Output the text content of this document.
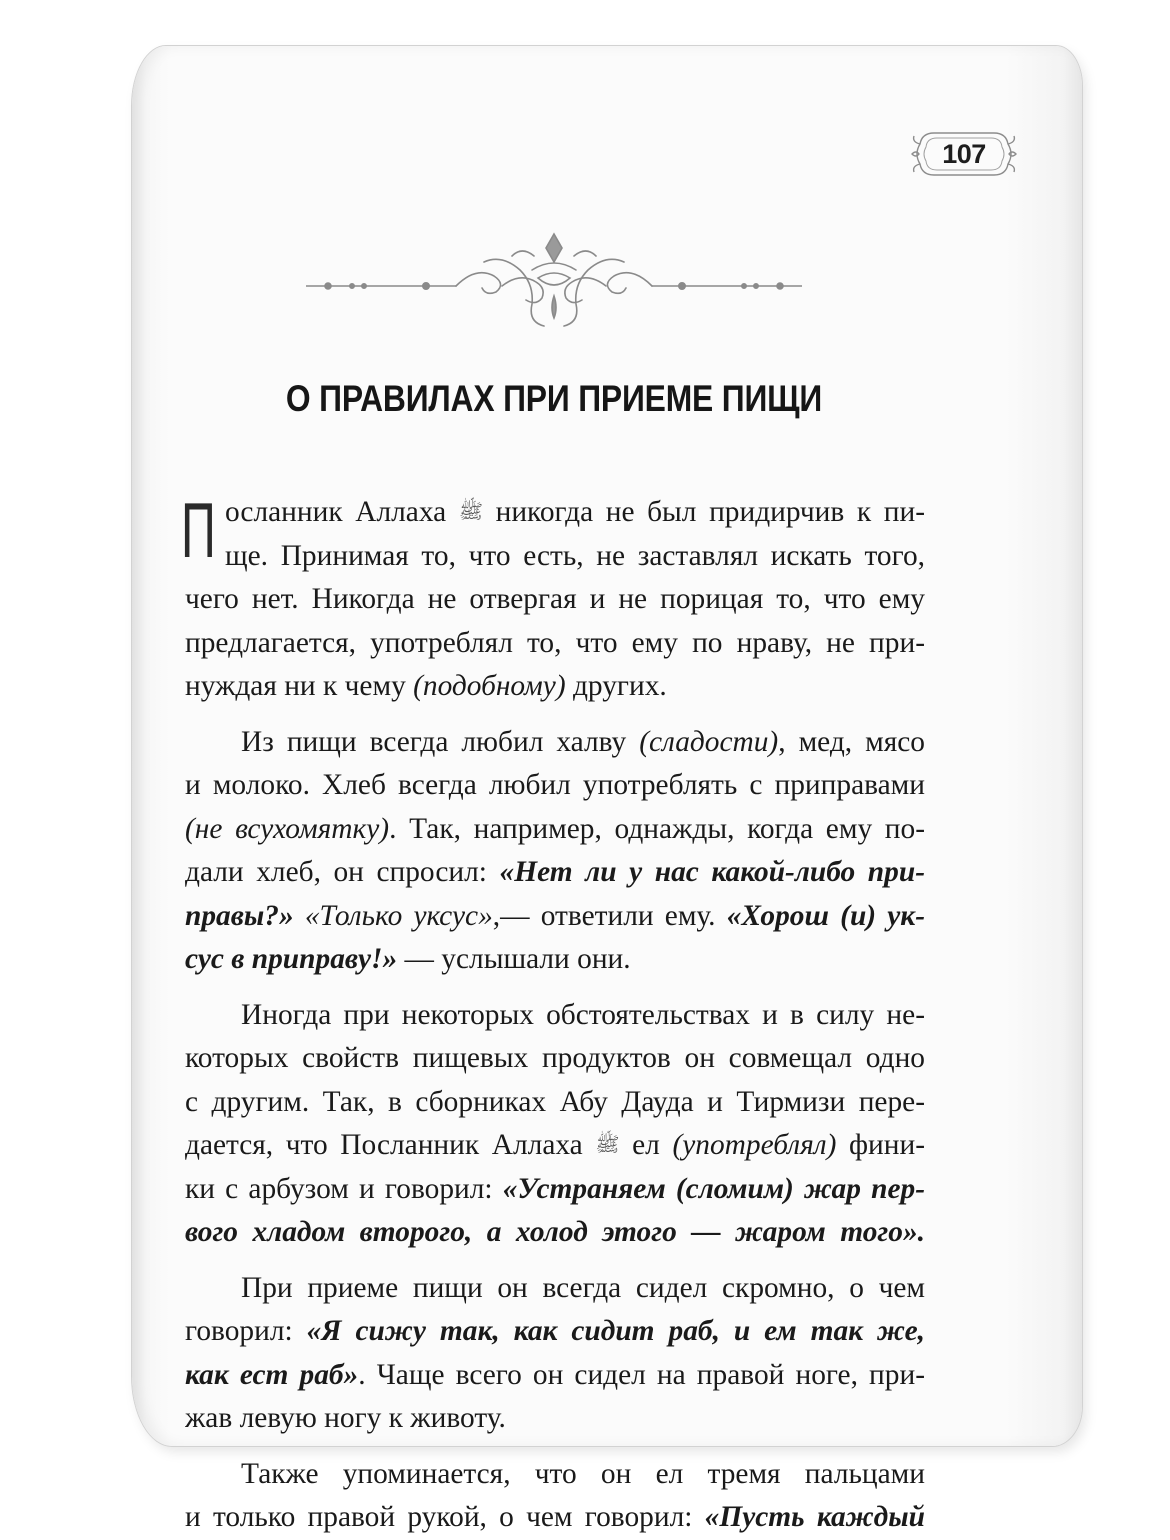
107
О ПРАВИЛАХ ПРИ ПРИЕМЕ ПИЩИ
П осланник Аллаха ﷺ никогда не был придирчив к пи-
ще. Принимая то, что есть, не заставлял искать того,
чего нет. Никогда не отвергая и не порицая то, что ему
предлагается, употреблял то, что ему по нраву, не при-
нуждая ни к чему (подобному) других.
Из пищи всегда любил халву (сладости), мед, мясо
и молоко. Хлеб всегда любил употреблять с приправами
(не всухомятку). Так, например, однажды, когда ему по-
дали хлеб, он спросил: «Нет ли у нас какой-либо при-
правы?» «Только уксус»,— ответили ему. «Хорош (и) ук-
сус в приправу!» — услышали они.
Иногда при некоторых обстоятельствах и в силу не-
которых свойств пищевых продуктов он совмещал одно
с другим. Так, в сборниках Абу Дауда и Тирмизи пере-
дается, что Посланник Аллаха ﷺ ел (употреблял) фини-
ки с арбузом и говорил: «Устраняем (сломим) жар пер-
вого хладом второго, а холод этого — жаром того».
При приеме пищи он всегда сидел скромно, о чем
говорил: «Я сижу так, как сидит раб, и ем так же,
как ест раб». Чаще всего он сидел на правой ноге, при-
жав левую ногу к животу.
Также упоминается, что он ел тремя пальцами
и только правой рукой, о чем говорил: «Пусть каждый
